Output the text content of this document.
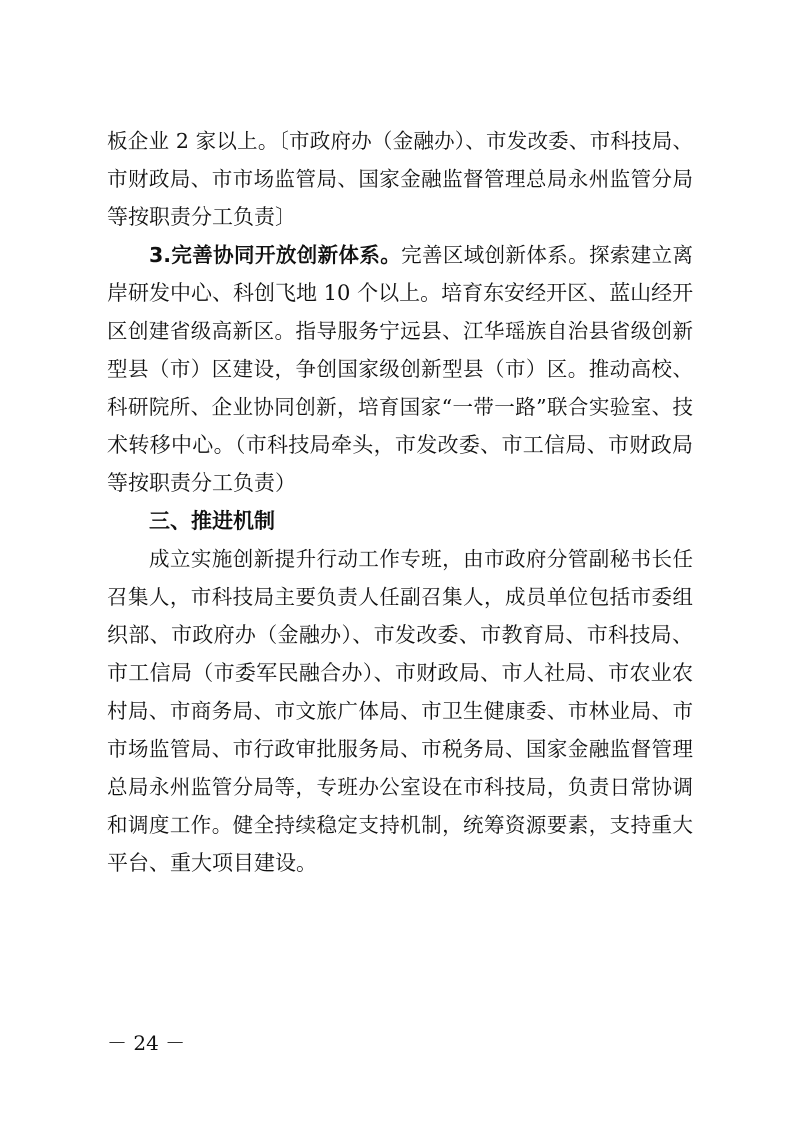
板企业 2 家以上。〔市政府办（金融办）、市发改委、市科技局、
市财政局、市市场监管局、国家金融监督管理总局永州监管分局
等按职责分工负责〕
3.完善协同开放创新体系。完善区域创新体系。探索建立离
岸研发中心、科创飞地 10 个以上。培育东安经开区、蓝山经开
区创建省级高新区。指导服务宁远县、江华瑶族自治县省级创新
型县（市）区建设，争创国家级创新型县（市）区。推动高校、
科研院所、企业协同创新，培育国家“一带一路”联合实验室、技
术转移中心。（市科技局牵头，市发改委、市工信局、市财政局
等按职责分工负责）
三、推进机制
成立实施创新提升行动工作专班，由市政府分管副秘书长任
召集人，市科技局主要负责人任副召集人，成员单位包括市委组
织部、市政府办（金融办）、市发改委、市教育局、市科技局、
市工信局（市委军民融合办）、市财政局、市人社局、市农业农
村局、市商务局、市文旅广体局、市卫生健康委、市林业局、市
市场监管局、市行政审批服务局、市税务局、国家金融监督管理
总局永州监管分局等，专班办公室设在市科技局，负责日常协调
和调度工作。健全持续稳定支持机制，统筹资源要素，支持重大
平台、重大项目建设。
－ 24 －
